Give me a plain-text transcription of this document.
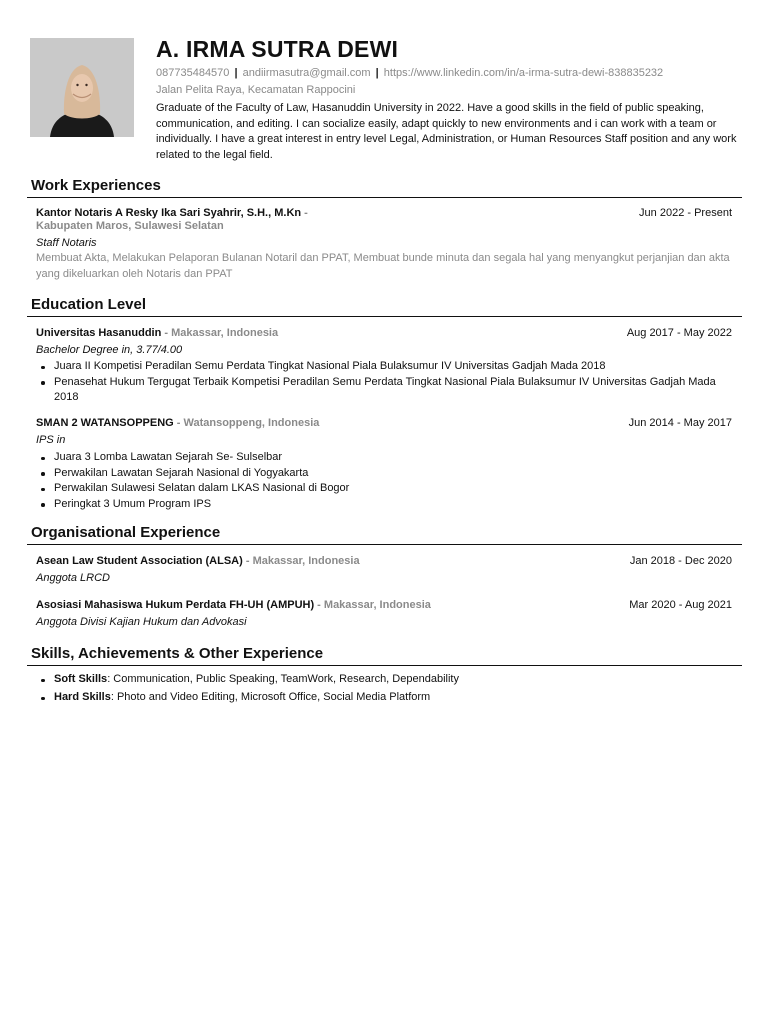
A. IRMA SUTRA DEWI
087735484570 | andiirmasutra@gmail.com | https://www.linkedin.com/in/a-irma-sutra-dewi-838835232
Jalan Pelita Raya, Kecamatan Rappocini
Graduate of the Faculty of Law, Hasanuddin University in 2022. Have a good skills in the field of public speaking, communication, and editing. I can socialize easily, adapt quickly to new environments and i can work with a team or individually. I have a great interest in entry level Legal, Administration, or Human Resources Staff position and any work related to the legal field.
Work Experiences
Kantor Notaris A Resky Ika Sari Syahrir, S.H., M.Kn -	Jun 2022 - Present
Kabupaten Maros, Sulawesi Selatan
Staff Notaris
Membuat Akta, Melakukan Pelaporan Bulanan Notaril dan PPAT, Membuat bunde minuta dan segala hal yang menyangkut perjanjian dan akta yang dikeluarkan oleh Notaris dan PPAT
Education Level
Universitas Hasanuddin - Makassar, Indonesia	Aug 2017 - May 2022
Bachelor Degree in, 3.77/4.00
Juara II Kompetisi Peradilan Semu Perdata Tingkat Nasional Piala Bulaksumur IV Universitas Gadjah Mada 2018
Penasehat Hukum Tergugat Terbaik Kompetisi Peradilan Semu Perdata Tingkat Nasional Piala Bulaksumur IV Universitas Gadjah Mada 2018
SMAN 2 WATANSOPPENG - Watansoppeng, Indonesia	Jun 2014 - May 2017
IPS in
Juara 3 Lomba Lawatan Sejarah Se- Sulselbar
Perwakilan Lawatan Sejarah Nasional di Yogyakarta
Perwakilan Sulawesi Selatan dalam LKAS Nasional di Bogor
Peringkat 3 Umum Program IPS
Organisational Experience
Asean Law Student Association (ALSA) - Makassar, Indonesia	Jan 2018 - Dec 2020
Anggota LRCD
Asosiasi Mahasiswa Hukum Perdata FH-UH (AMPUH) - Makassar, Indonesia	Mar 2020 - Aug 2021
Anggota Divisi Kajian Hukum dan Advokasi
Skills, Achievements & Other Experience
Soft Skills: Communication, Public Speaking, TeamWork, Research, Dependability
Hard Skills: Photo and Video Editing, Microsoft Office, Social Media Platform
